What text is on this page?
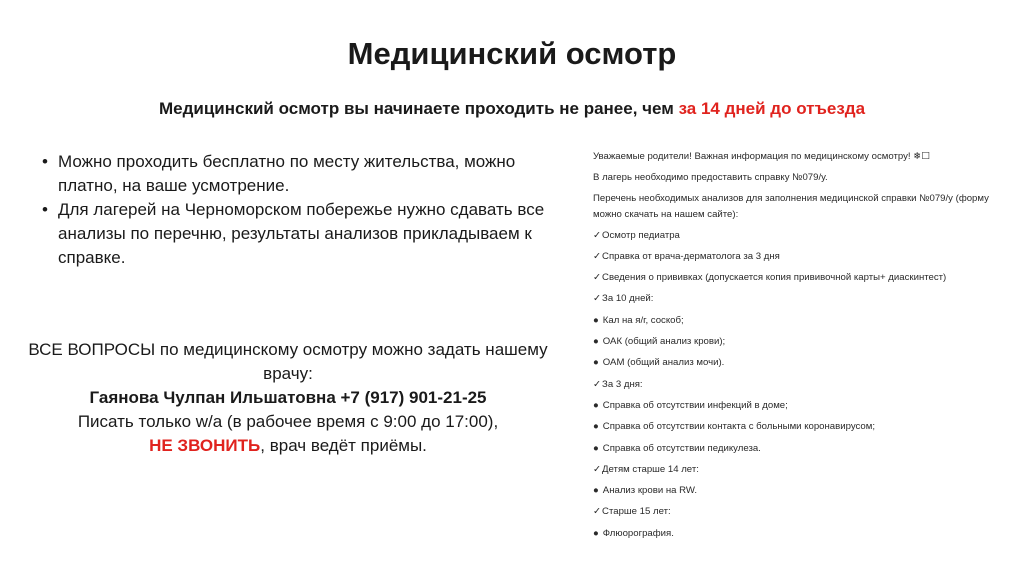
Медицинский осмотр
Медицинский осмотр вы начинаете проходить не ранее, чем за 14 дней до отъезда
• Можно проходить бесплатно по месту жительства, можно платно, на ваше усмотрение.
• Для лагерей на Черноморском побережье нужно сдавать все анализы по перечню, результаты анализов прикладываем к справке.
ВСЕ ВОПРОСЫ по медицинскому осмотру можно задать нашему врачу:
Гаянова Чулпан Ильшатовна +7 (917) 901-21-25
Писать только w/a (в рабочее время с 9:00 до 17:00),
НЕ ЗВОНИТЬ, врач ведёт приёмы.
Уважаемые родители! Важная информация по медицинскому осмотру! ❄☐
В лагерь необходимо предоставить справку №079/у.
Перечень необходимых анализов для заполнения медицинской справки №079/у (форму можно скачать на нашем сайте):
✓Осмотр педиатра
✓Справка от врача-дерматолога за 3 дня
✓Сведения о прививках (допускается копия прививочной карты+ диаскинтест)
✓За 10 дней:
● Кал на я/г, соскоб;
● ОАК (общий анализ крови);
● ОАМ (общий анализ мочи).
✓За 3 дня:
● Справка об отсутствии инфекций в доме;
● Справка об отсутствии контакта с больными коронавирусом;
● Справка об отсутствии педикулеза.
✓Детям старше 14 лет:
● Анализ крови на RW.
✓Старше 15 лет:
● Флюорография.
